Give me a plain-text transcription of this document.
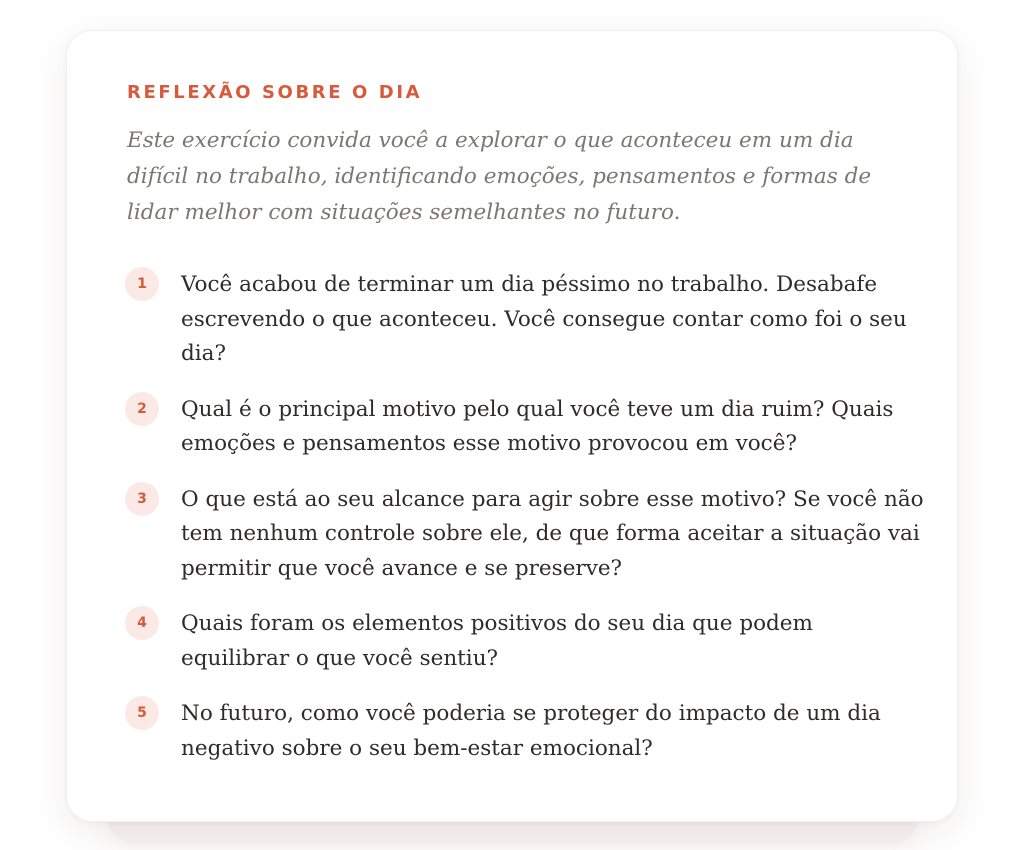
REFLEXÃO SOBRE O DIA

Este exercício convida você a explorar o que aconteceu em um dia difícil no trabalho, identificando emoções, pensamentos e formas de lidar melhor com situações semelhantes no futuro.

1	Você acabou de terminar um dia péssimo no trabalho. Desabafe escrevendo o que aconteceu. Você consegue contar como foi o seu dia?
2	Qual é o principal motivo pelo qual você teve um dia ruim? Quais emoções e pensamentos esse motivo provocou em você?
3	O que está ao seu alcance para agir sobre esse motivo? Se você não tem nenhum controle sobre ele, de que forma aceitar a situação vai permitir que você avance e se preserve?
4	Quais foram os elementos positivos do seu dia que podem equilibrar o que você sentiu?
5	No futuro, como você poderia se proteger do impacto de um dia negativo sobre o seu bem-estar emocional?
